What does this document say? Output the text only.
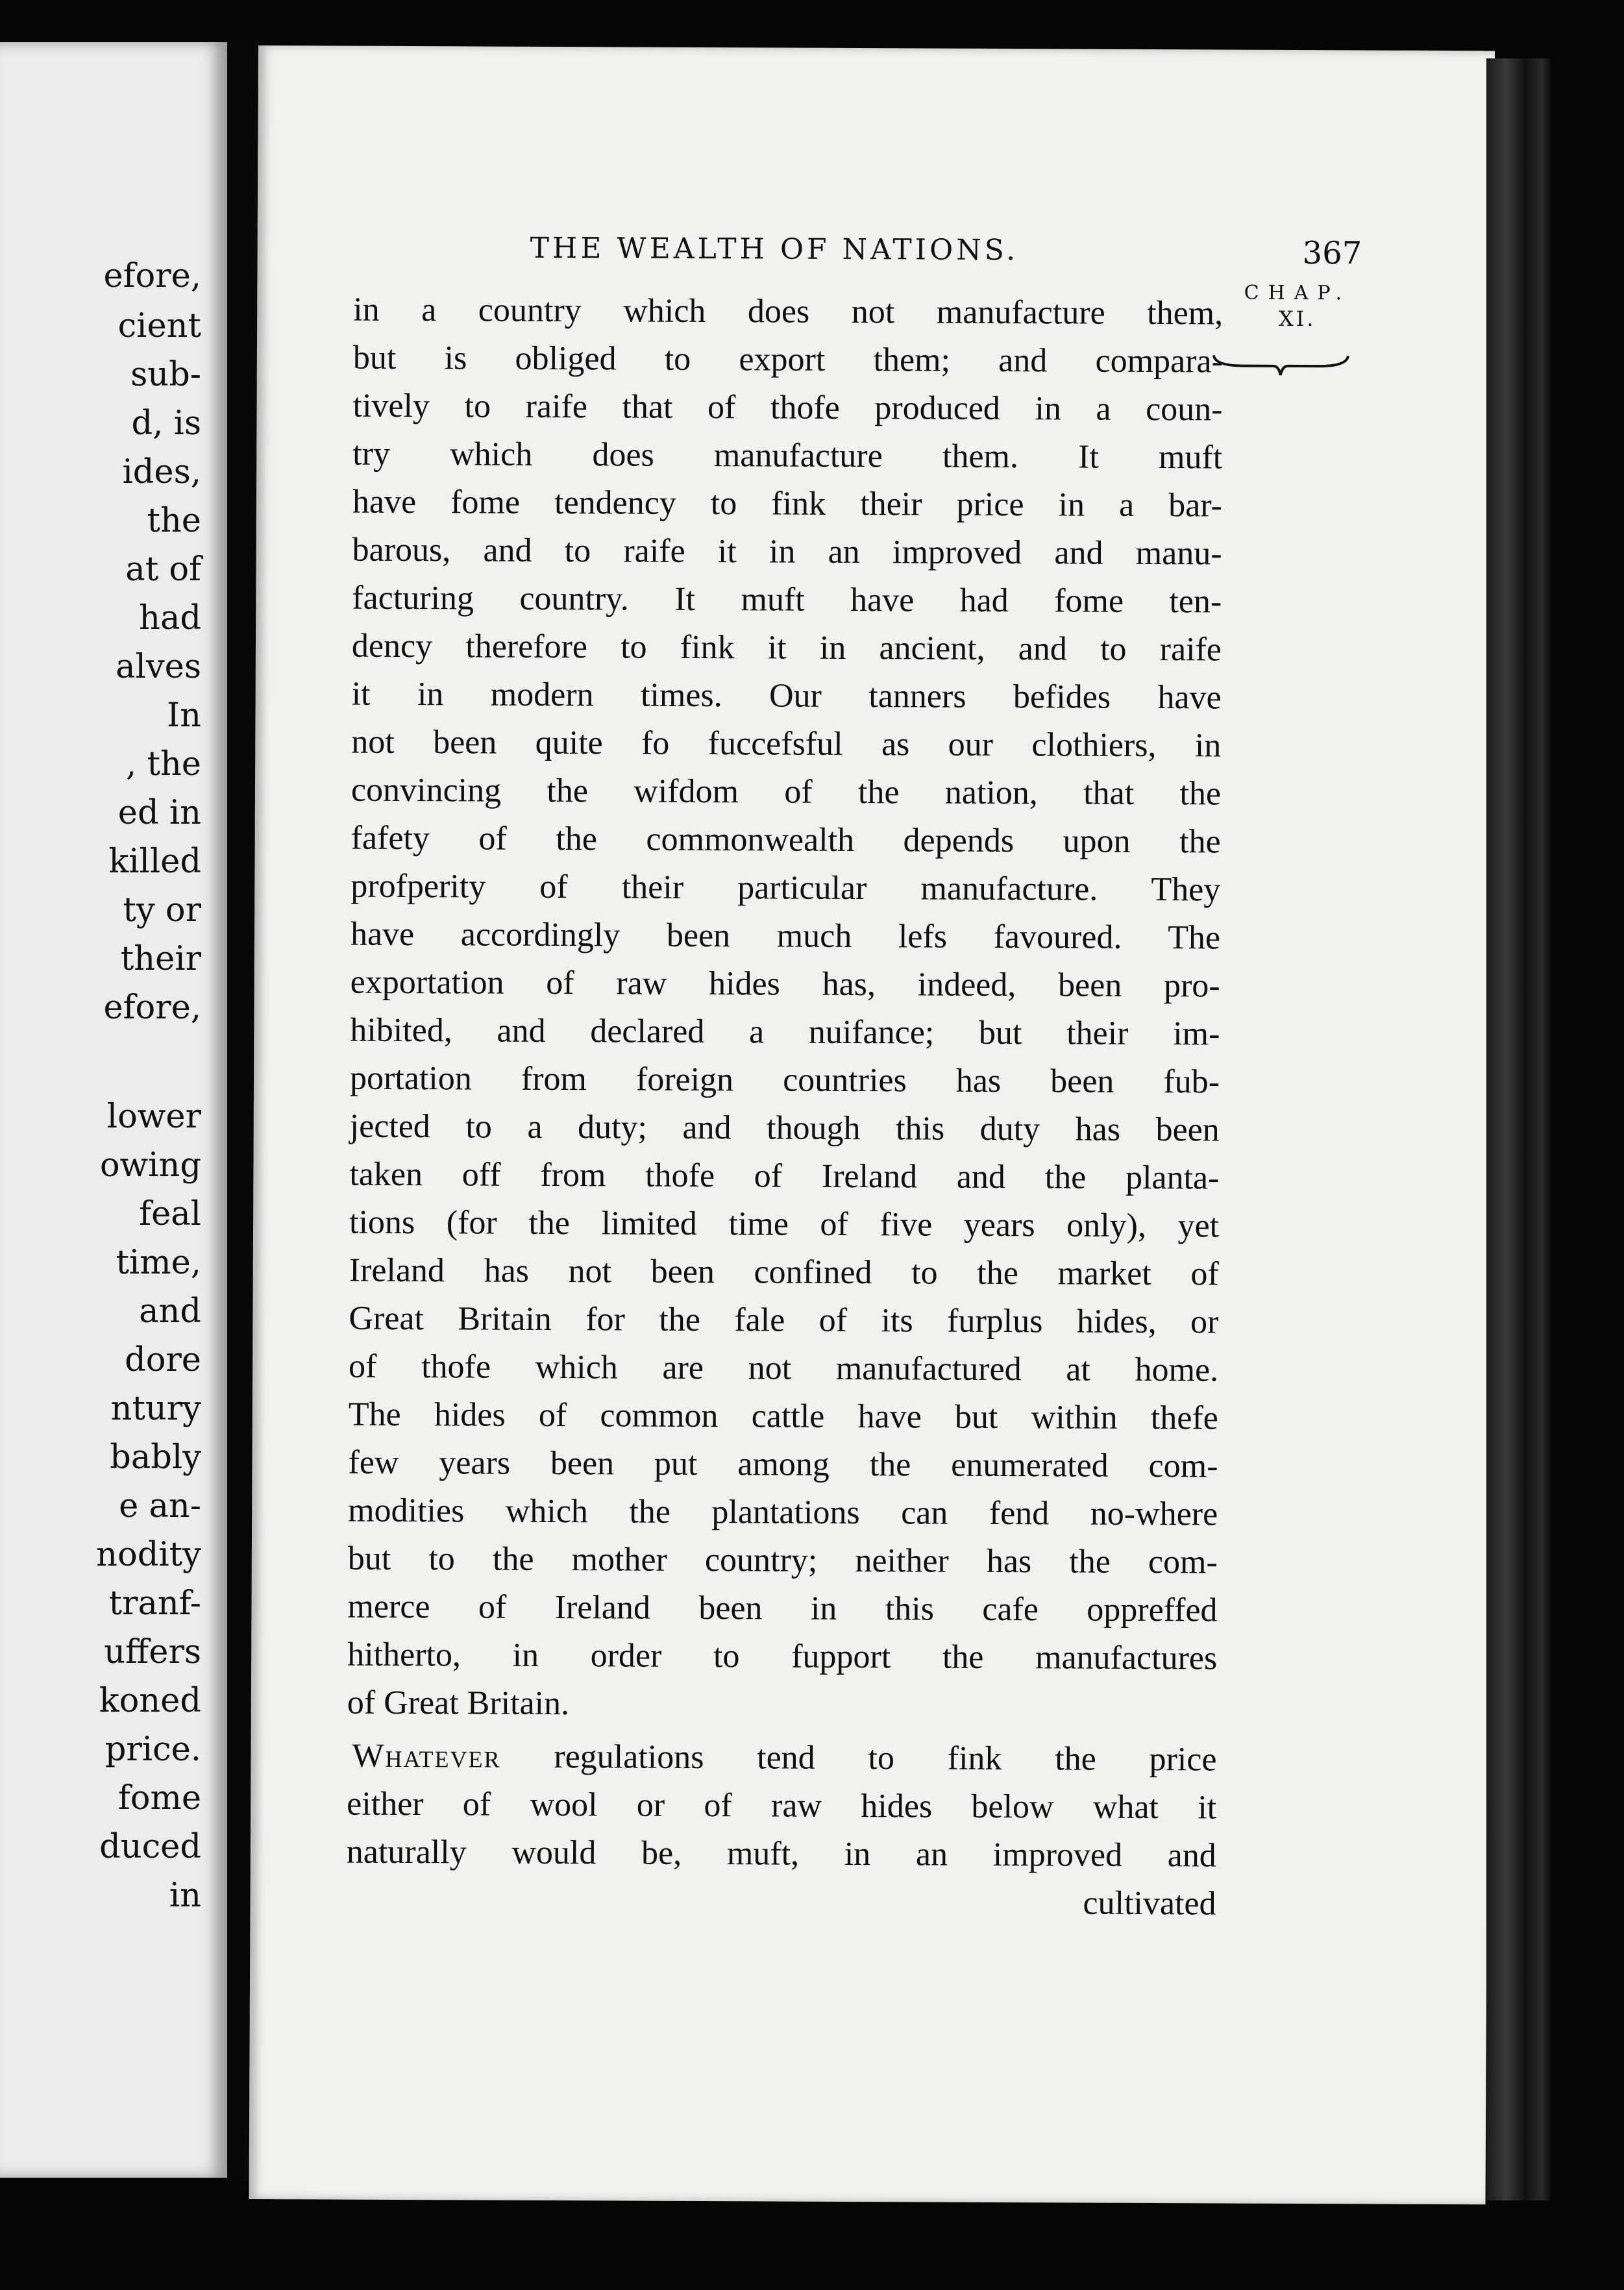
efore,
cient
sub-
d, is
ides,
the
at of
had
alves
In
, the
ed in
killed
ty or
their
efore,
lower
owing
feal
time,
and
dore
ntury
bably
e an-
nodity
tranf-
uffers
koned
price.
fome
duced
in
THE WEALTH OF NATIONS.	367
CHAP.
XI.
in a country which does not manufacture them,
but is obliged to export them; and compara-
tively to raife that of thofe produced in a coun-
try which does manufacture them. It muft
have fome tendency to fink their price in a bar-
barous, and to raife it in an improved and manu-
facturing country. It muft have had fome ten-
dency therefore to fink it in ancient, and to raife
it in modern times. Our tanners befides have
not been quite fo fuccefsful as our clothiers, in
convincing the wifdom of the nation, that the
fafety of the commonwealth depends upon the
profperity of their particular manufacture. They
have accordingly been much lefs favoured. The
exportation of raw hides has, indeed, been pro-
hibited, and declared a nuifance; but their im-
portation from foreign countries has been fub-
jected to a duty; and though this duty has been
taken off from thofe of Ireland and the planta-
tions (for the limited time of five years only), yet
Ireland has not been confined to the market of
Great Britain for the fale of its furplus hides, or
of thofe which are not manufactured at home.
The hides of common cattle have but within thefe
few years been put among the enumerated com-
modities which the plantations can fend no-where
but to the mother country; neither has the com-
merce of Ireland been in this cafe oppreffed
hitherto, in order to fupport the manufactures
of Great Britain.
Whatever regulations tend to fink the price
either of wool or of raw hides below what it
naturally would be, muft, in an improved and
cultivated
